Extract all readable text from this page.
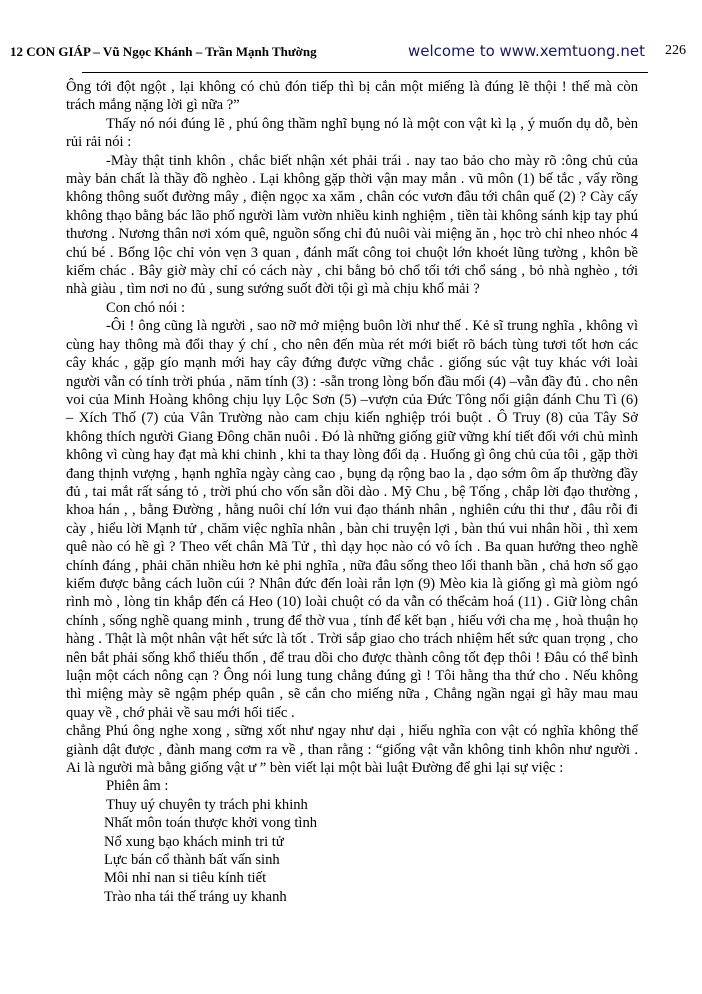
12 CON GIÁP – Vũ Ngọc Khánh – Trần Mạnh Thường	welcome to www.xemtuong.net 226

Ông tới đột ngột , lại không có chủ đón tiếp thì bị cắn một miếng là đúng lẽ thội ! thế mà còn trách mắng nặng lời gì nữa ?”

Thấy nó nói đúng lẽ , phú ông thầm nghĩ bụng nó là một con vật kì lạ , ý muốn dụ dỗ, bèn rủi rải nói :

-Mày thật tinh khôn , chắc biết nhận xét phải trái . nay tao bảo cho mày rõ :ông chủ của mày bản chất là thầy đồ nghèo . Lại không gặp thời vận may mắn . vũ môn (1) bế tắc , vẩy rồng không thông suốt đường mây , điện ngọc xa xăm , chân cóc vươn đâu tới chân quế (2) ? Cày cấy không thạo bằng bác lão phố người làm vườn nhiều kinh nghiệm , tiền tài không sánh kịp tay phú thương . Nương thân nơi xóm quê, nguồn sống chỉ đủ nuôi vài miệng ăn , học trò chỉ nheo nhóc 4 chú bé . Bổng lộc chỉ vỏn vẹn 3 quan , đánh mất công toi chuột lớn khoét lũng tường , khôn bề kiếm chác . Bây giờ mày chỉ có cách này , chi bằng bỏ chổ tối tới chổ sáng , bỏ nhà nghèo , tới nhà giàu , tìm nơi no đủ , sung sướng suốt đời tội gì mà chịu khổ mải ?

Con chó nói :

-Ôi ! ông cũng là người , sao nỡ mở miệng buôn lời như thế . Kẻ sĩ trung nghĩa , không vì cùng hay thông mà đổi thay ý chí , cho nên đến mùa rét mới biết rõ bách tùng tươi tốt hơn các cây khác , gặp gío mạnh mới hay cây đứng được vững chắc . giống súc vật tuy khác với loài người vẫn có tính trời phúa , năm tính (3) : -sẵn trong lòng bốn đầu mối (4) –vẫn đầy đủ . cho nên voi của Minh Hoàng không chịu lụy Lộc Sơn (5) –vượn của Đức Tông nổi giận đánh Chu Tì (6) – Xích Thố (7) của Vân Trường nào cam chịu kiến nghiệp trói buột . Ô Truy (8) của Tây Sở không thích người Giang Đông chăn nuôi . Đó là những giống giữ vững khí tiết đối với chủ mình không vì cùng hay đạt mà khi chinh , khi ta thay lòng đổi dạ . Huống gì ông chủ của tôi , gặp thời đang thịnh vượng , hạnh nghĩa ngày càng cao , bụng dạ rộng bao la , dạo sớm ôm ấp thường đầy đủ , tai mắt rất sáng tỏ , trời phú cho vốn sẵn dồi dào . Mỹ Chu , bệ Tống , chắp lời đạo thường , khoa hán , , bằng Đường , hằng nuôi chí lớn vui đạo thánh nhân , nghiên cứu thi thư , đâu rỗi đi cày , hiểu lời Mạnh tử , chăm việc nghĩa nhân , bàn chi truyện lợi , bàn thú vui nhân hồi , thì xem quê nào có hề gì ? Theo vết chân Mã Tử , thì dạy học nào có vô ích . Ba quan hưởng theo nghề chính đáng , phải chăn nhiều hơn kẻ phi nghĩa , nữa đâu sống theo lối thanh bần , chả hơn số gạo kiếm được bằng cách luồn cúi ? Nhân đức đến loài rắn lợn (9) Mèo kia là giống gì mà giòm ngó rình mò , lòng tin khắp đến cá Heo (10) loài chuột có da vẫn có thểcảm hoá (11) . Giữ lòng chân chính , sống nghề quang minh , trung để thờ vua , tính để kết bạn , hiếu với cha mẹ , hoà thuận họ hàng . Thật là một nhân vật hết sức là tốt . Trời sắp giao cho trách nhiệm hết sức quan trọng , cho nên bắt phải sống khổ thiếu thốn , để trau dồi cho được thành công tốt đẹp thôi ! Đâu có thể bình luận một cách nông cạn ? Ông nói lung tung chẳng đúng gì ! Tôi hằng tha thứ cho . Nếu không thì miệng mày sẽ ngậm phép quân , sẽ cắn cho miếng nữa , Chẳng ngần ngại gì hãy mau mau quay về , chớ phải về sau mới hối tiếc .

chẳng Phú ông nghe xong , sững xốt như ngay như dại , hiểu nghĩa con vật có nghĩa không thể giành dật được , đành mang cơm ra về , than rằng : “giống vật vẫn không tinh khôn như người . Ai là người mà bằng giống vật ư ” bèn viết lại một bài luật Đường để ghi lại sự việc :

Phiên âm :
Thuy uý chuyên ty trách phi khinh
Nhất môn toán thược khởi vong tình
Nổ xung bạo khách minh tri tử
Lực bán cổ thành bất vấn sinh
Môi nhỉ nan si tiêu kính tiết
Trào nha tái thế tráng uy khanh
